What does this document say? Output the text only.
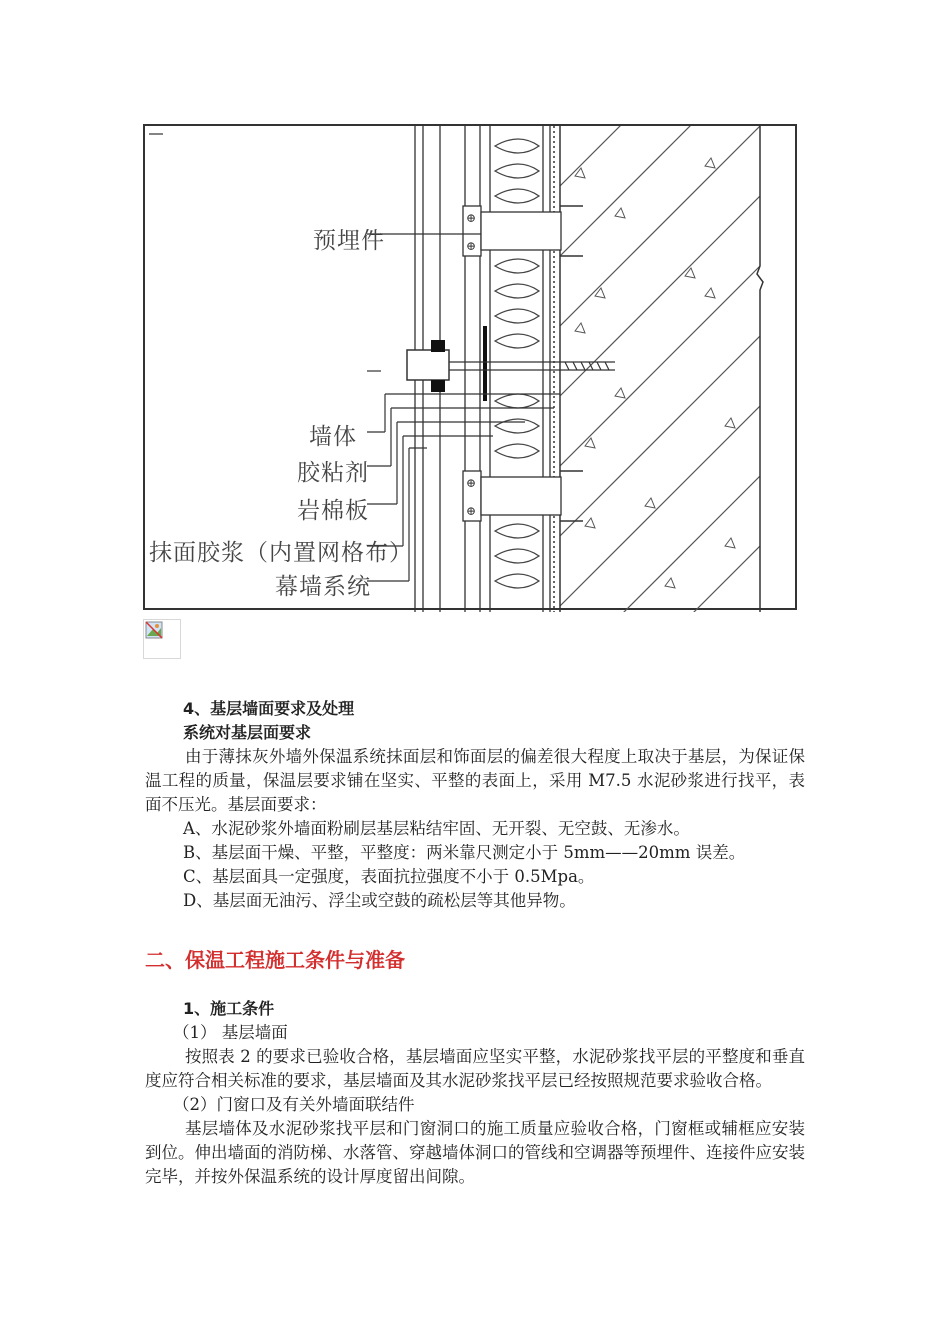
⊕
⊕
⊕
⊕
预埋件
墙体
胶粘剂
岩棉板
抹面胶浆（内置网格布）
幕墙系统

4、基层墙面要求及处理

系统对基层面要求

由于薄抹灰外墙外保温系统抹面层和饰面层的偏差很大程度上取决于基层，为保证保温工程的质量，保温层要求铺在坚实、平整的表面上，采用 M7.5 水泥砂浆进行找平，表面不压光。基层面要求：

A、水泥砂浆外墙面粉刷层基层粘结牢固、无开裂、无空鼓、无渗水。

B、基层面干燥、平整，平整度：两米靠尺测定小于 5mm——20mm 误差。

C、基层面具一定强度，表面抗拉强度不小于 0.5Mpa。

D、基层面无油污、浮尘或空鼓的疏松层等其他异物。

二、保温工程施工条件与准备

1、施工条件

（1） 基层墙面

按照表 2 的要求已验收合格，基层墙面应坚实平整，水泥砂浆找平层的平整度和垂直度应符合相关标准的要求，基层墙面及其水泥砂浆找平层已经按照规范要求验收合格。

（2）门窗口及有关外墙面联结件

基层墙体及水泥砂浆找平层和门窗洞口的施工质量应验收合格，门窗框或辅框应安装到位。伸出墙面的消防梯、水落管、穿越墙体洞口的管线和空调器等预埋件、连接件应安装完毕，并按外保温系统的设计厚度留出间隙。
